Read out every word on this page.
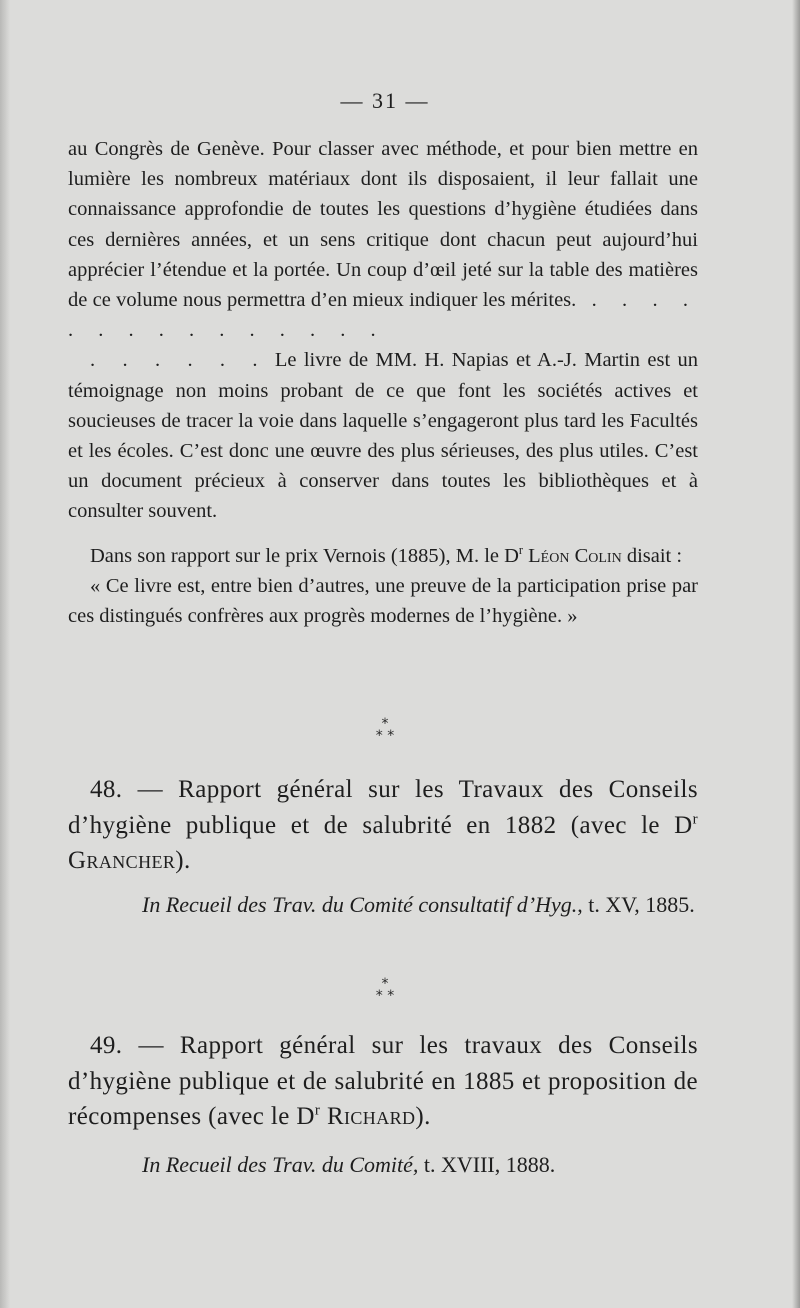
— 31 —

au Congrès de Genève. Pour classer avec méthode, et pour bien mettre en lumière les nombreux matériaux dont ils disposaient, il leur fallait une connaissance approfondie de toutes les questions d’hygiène étudiées dans ces dernières années, et un sens critique dont chacun peut aujourd’hui apprécier l’étendue et la portée. Un coup d’œil jeté sur la table des matières de ce volume nous permettra d’en mieux indiquer les mérites. . . . . . . . . . . . . . . .

. . . . . . Le livre de MM. H. Napias et A.-J. Martin est un témoignage non moins probant de ce que font les sociétés actives et soucieuses de tracer la voie dans laquelle s’engageront plus tard les Facultés et les écoles. C’est donc une œuvre des plus sérieuses, des plus utiles. C’est un document précieux à conserver dans toutes les bibliothèques et à consulter souvent.

Dans son rapport sur le prix Vernois (1885), M. le $D^r$ Léon Colin disait :

« Ce livre est, entre bien d’autres, une preuve de la participation prise par ces distingués confrères aux progrès modernes de l’hygiène. »

*
* *

48. — Rapport général sur les Travaux des Conseils d’hygiène publique et de salubrité en 1882 (avec le $D^r$ Grancher).

In Recueil des Trav. du Comité consultatif d’Hyg., t. XV, 1885.

*
* *

49. — Rapport général sur les travaux des Conseils d’hygiène publique et de salubrité en 1885 et proposition de récompenses (avec le $D^r$ Richard).

In Recueil des Trav. du Comité, t. XVIII, 1888.
